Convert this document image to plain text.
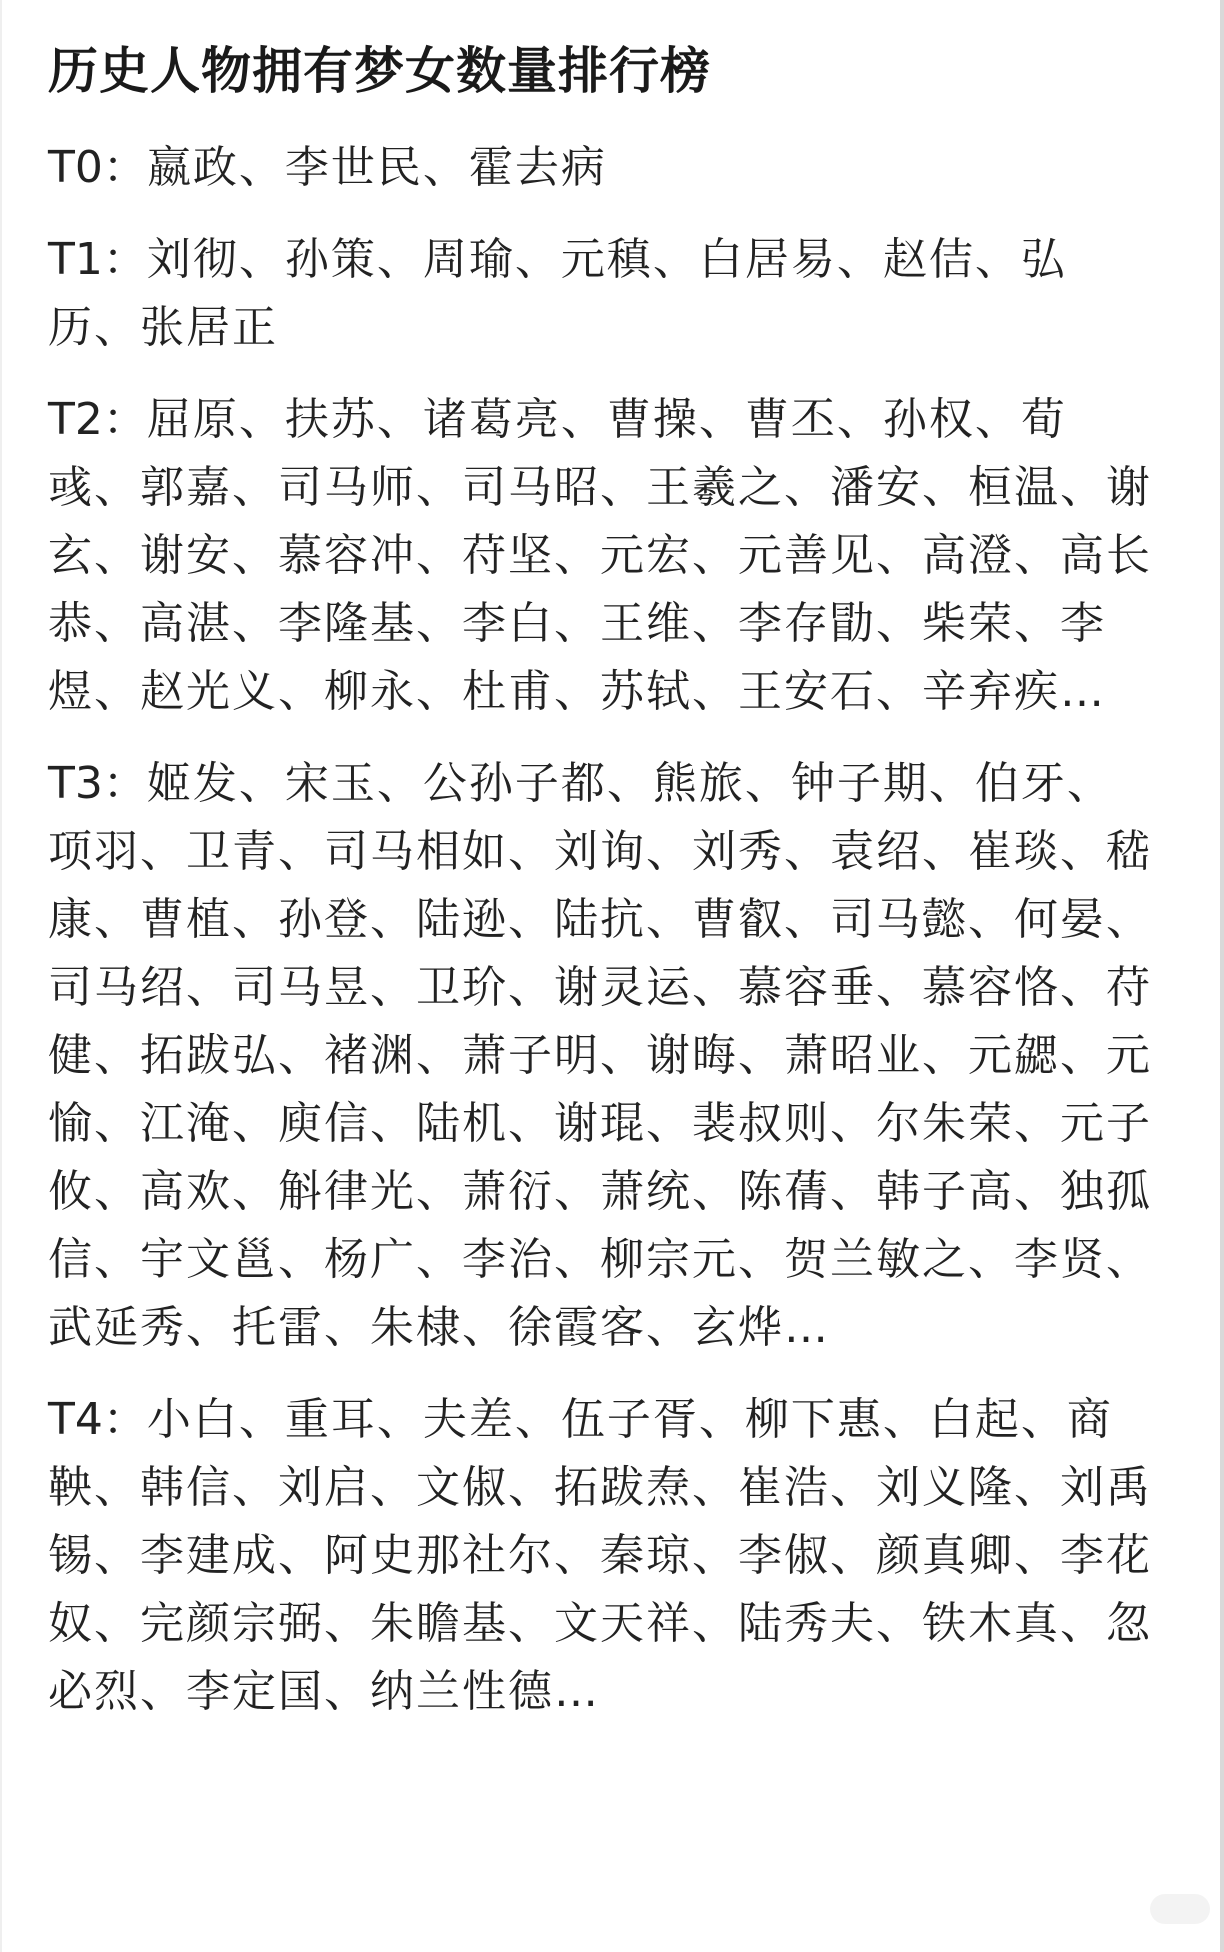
历史人物拥有梦女数量排行榜
T0：嬴政、李世民、霍去病
T1：刘彻、孙策、周瑜、元稹、白居易、赵佶、弘历、张居正
T2：屈原、扶苏、诸葛亮、曹操、曹丕、孙权、荀彧、郭嘉、司马师、司马昭、王羲之、潘安、桓温、谢玄、谢安、慕容冲、苻坚、元宏、元善见、高澄、高长恭、高湛、李隆基、李白、王维、李存勖、柴荣、李煜、赵光义、柳永、杜甫、苏轼、王安石、辛弃疾…
T3：姬发、宋玉、公孙子都、熊旅、钟子期、伯牙、项羽、卫青、司马相如、刘询、刘秀、袁绍、崔琰、嵇康、曹植、孙登、陆逊、陆抗、曹叡、司马懿、何晏、司马绍、司马昱、卫玠、谢灵运、慕容垂、慕容恪、苻健、拓跋弘、褚渊、萧子明、谢晦、萧昭业、元勰、元愉、江淹、庾信、陆机、谢琨、裴叔则、尔朱荣、元子攸、高欢、斛律光、萧衍、萧统、陈蒨、韩子高、独孤信、宇文邕、杨广、李治、柳宗元、贺兰敏之、李贤、武延秀、托雷、朱棣、徐霞客、玄烨…
T4：小白、重耳、夫差、伍子胥、柳下惠、白起、商鞅、韩信、刘启、文俶、拓跋焘、崔浩、刘义隆、刘禹锡、李建成、阿史那社尔、秦琼、李俶、颜真卿、李花奴、完颜宗弼、朱瞻基、文天祥、陆秀夫、铁木真、忽必烈、李定国、纳兰性德…
